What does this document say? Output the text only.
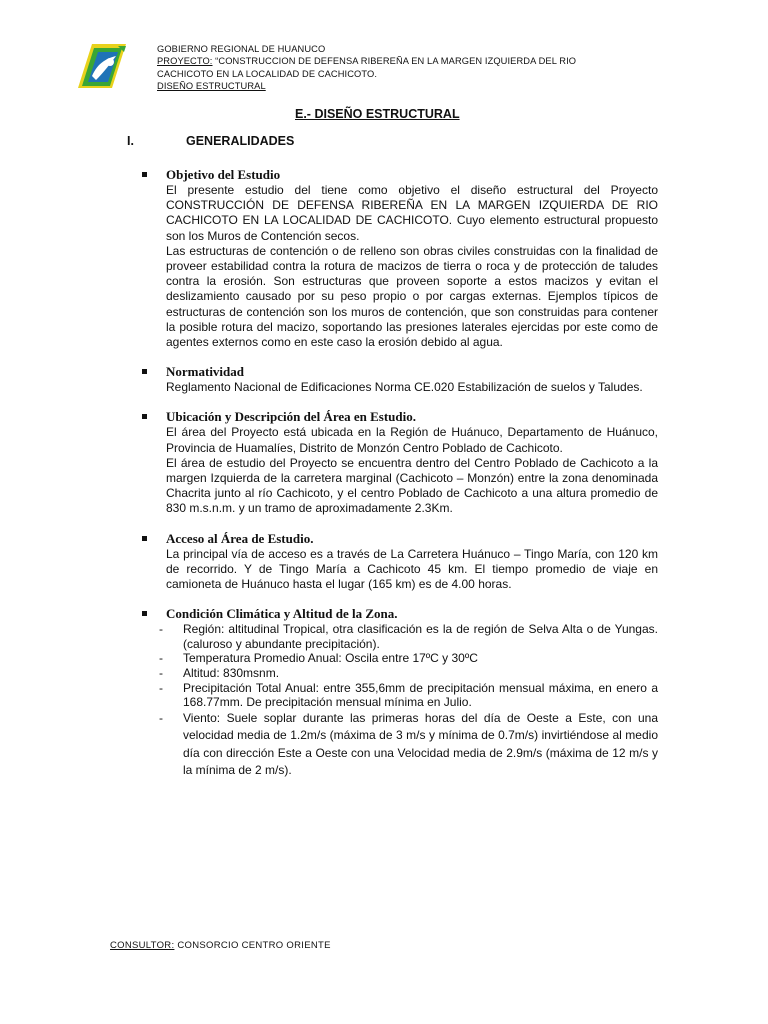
GOBIERNO REGIONAL DE HUANUCO
PROYECTO: “CONSTRUCCION DE DEFENSA RIBEREÑA EN LA MARGEN IZQUIERDA DEL RIO
CACHICOTO EN LA LOCALIDAD DE CACHICOTO.
DISEÑO ESTRUCTURAL
E.- DISEÑO ESTRUCTURAL
I.	GENERALIDADES
Objetivo del Estudio

El presente estudio del tiene como objetivo el diseño estructural del Proyecto CONSTRUCCIÓN DE DEFENSA RIBEREÑA EN LA MARGEN IZQUIERDA DE RIO CACHICOTO EN LA LOCALIDAD DE CACHICOTO. Cuyo elemento estructural propuesto son los Muros de Contención secos.

Las estructuras de contención o de relleno son obras civiles construidas con la finalidad de proveer estabilidad contra la rotura de macizos de tierra o roca y de protección de taludes contra la erosión. Son estructuras que proveen soporte a estos macizos y evitan el deslizamiento causado por su peso propio o por cargas externas. Ejemplos típicos de estructuras de contención son los muros de contención, que son construidas para contener la posible rotura del macizo, soportando las presiones laterales ejercidas por este como de agentes externos como en este caso la erosión debido al agua.

Normatividad

Reglamento Nacional de Edificaciones Norma CE.020 Estabilización de suelos y Taludes.

Ubicación y Descripción del Área en Estudio.

El área del Proyecto está ubicada en la Región de Huánuco, Departamento de Huánuco, Provincia de Huamalíes, Distrito de Monzón Centro Poblado de Cachicoto.

El área de estudio del Proyecto se encuentra dentro del Centro Poblado de Cachicoto a la margen Izquierda de la carretera marginal (Cachicoto – Monzón) entre la zona denominada Chacrita junto al río Cachicoto, y el centro Poblado de Cachicoto a una altura promedio de 830 m.s.n.m. y un tramo de aproximadamente 2.3Km.

Acceso al Área de Estudio.

La principal vía de acceso es a través de La Carretera Huánuco – Tingo María, con 120 km de recorrido. Y de Tingo María a Cachicoto 45 km. El tiempo promedio de viaje en camioneta de Huánuco hasta el lugar (165 km) es de 4.00 horas.

Condición Climática y Altitud de la Zona.
- Región: altitudinal Tropical, otra clasificación es la de región de Selva Alta o de Yungas.(caluroso y abundante precipitación).
- Temperatura Promedio Anual: Oscila entre 17ºC y 30ºC
- Altitud: 830msnm.
- Precipitación Total Anual: entre 355,6mm de precipitación mensual máxima, en enero a 168.77mm. De precipitación mensual mínima en Julio.
- Viento: Suele soplar durante las primeras horas del día de Oeste a Este, con una velocidad media de 1.2m/s (máxima de 3 m/s y mínima de 0.7m/s) invirtiéndose al medio día con dirección Este a Oeste con una Velocidad media de 2.9m/s (máxima de 12 m/s y la mínima de 2 m/s).
CONSULTOR: CONSORCIO CENTRO ORIENTE
